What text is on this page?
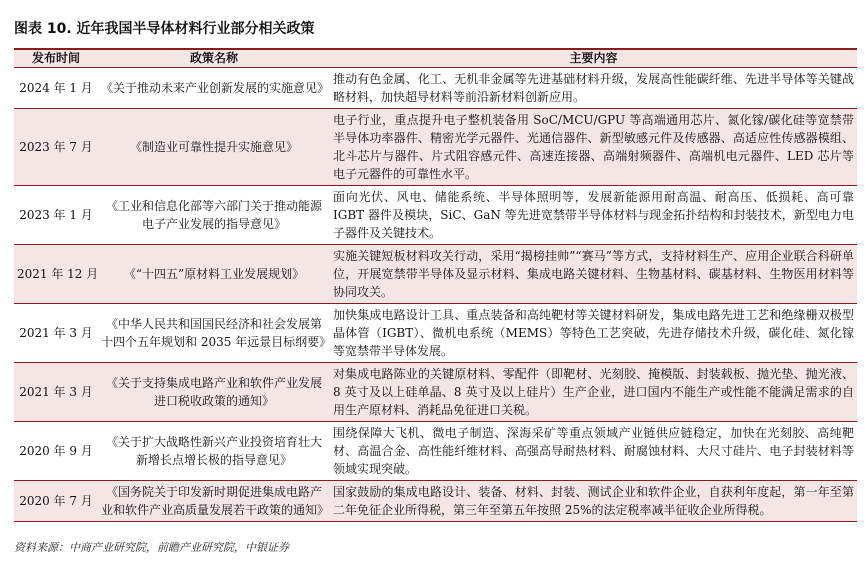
图表 10. 近年我国半导体材料行业部分相关政策
发布时间	政策名称	主要内容
2024 年 1 月	《关于推动未来产业创新发展的实施意见》	推动有色金属、化工、无机非金属等先进基础材料升级，发展高性能碳纤维、先进半导体等关键战略材料，加快超导材料等前沿新材料创新应用。
2023 年 7 月	《制造业可靠性提升实施意见》	电子行业，重点提升电子整机装备用 SoC/MCU/GPU 等高端通用芯片、氮化镓/碳化硅等宽禁带半导体功率器件、精密光学元器件、光通信器件、新型敏感元件及传感器、高适应性传感器模组、北斗芯片与器件、片式阻容感元件、高速连接器、高端射频器件、高端机电元器件、LED 芯片等电子元器件的可靠性水平。
2023 年 1 月	《工业和信息化部等六部门关于推动能源电子产业发展的指导意见》	面向光伏、风电、储能系统、半导体照明等，发展新能源用耐高温、耐高压、低损耗、高可靠 IGBT 器件及模块，SiC、GaN 等先进宽禁带半导体材料与现金拓扑结构和封装技术，新型电力电子器件及关键技术。
2021 年 12 月	《“十四五”原材料工业发展规划》	实施关键短板材料攻关行动，采用“揭榜挂帅”“赛马”等方式，支持材料生产、应用企业联合科研单位，开展宽禁带半导体及显示材料、集成电路关键材料、生物基材料、碳基材料、生物医用材料等协同攻关。
2021 年 3 月	《中华人民共和国国民经济和社会发展第十四个五年规划和 2035 年远景目标纲要》	加快集成电路设计工具、重点装备和高纯靶材等关键材料研发，集成电路先进工艺和绝缘栅双极型晶体管（IGBT）、微机电系统（MEMS）等特色工艺突破，先进存储技术升级，碳化硅、氮化镓等宽禁带半导体发展。
2021 年 3 月	《关于支持集成电路产业和软件产业发展进口税收政策的通知》	对集成电路陈业的关键原材料、零配件（即靶材、光刻胶、掩模版、封装载板、抛光垫、抛光液、8 英寸及以上硅单晶、8 英寸及以上硅片）生产企业，进口国内不能生产或性能不能满足需求的自用生产原材料、消耗品免征进口关税。
2020 年 9 月	《关于扩大战略性新兴产业投资培育壮大新增长点增长极的指导意见》	围绕保障大飞机、微电子制造、深海采矿等重点领域产业链供应链稳定，加快在光刻胶、高纯靶材、高温合金、高性能纤维材料、高强高导耐热材料、耐腐蚀材料、大尺寸硅片、电子封装材料等领域实现突破。
2020 年 7 月	《国务院关于印发新时期促进集成电路产业和软件产业高质量发展若干政策的通知》	国家鼓励的集成电路设计、装备、材料、封装、测试企业和软件企业，自获利年度起，第一年至第二年免征企业所得税，第三年至第五年按照 25%的法定税率减半征收企业所得税。
资料来源：中商产业研究院，前瞻产业研究院，中银证券
